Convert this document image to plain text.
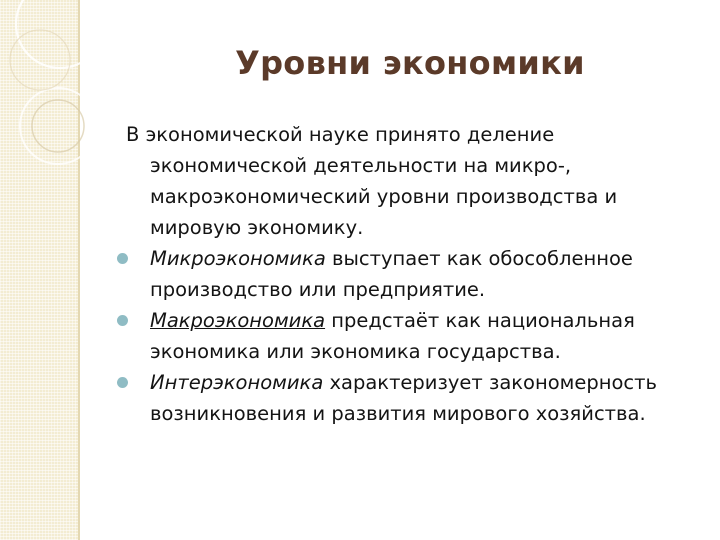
Уровни экономики

В экономической науке принято деление экономической деятельности на микро-, макроэкономический уровни производства и мировую экономику.

Микроэкономика выступает как обособленное производство или предприятие.

Макроэкономика предстаёт как национальная экономика или экономика государства.

Интерэкономика характеризует закономерность возникновения и развития мирового хозяйства.
